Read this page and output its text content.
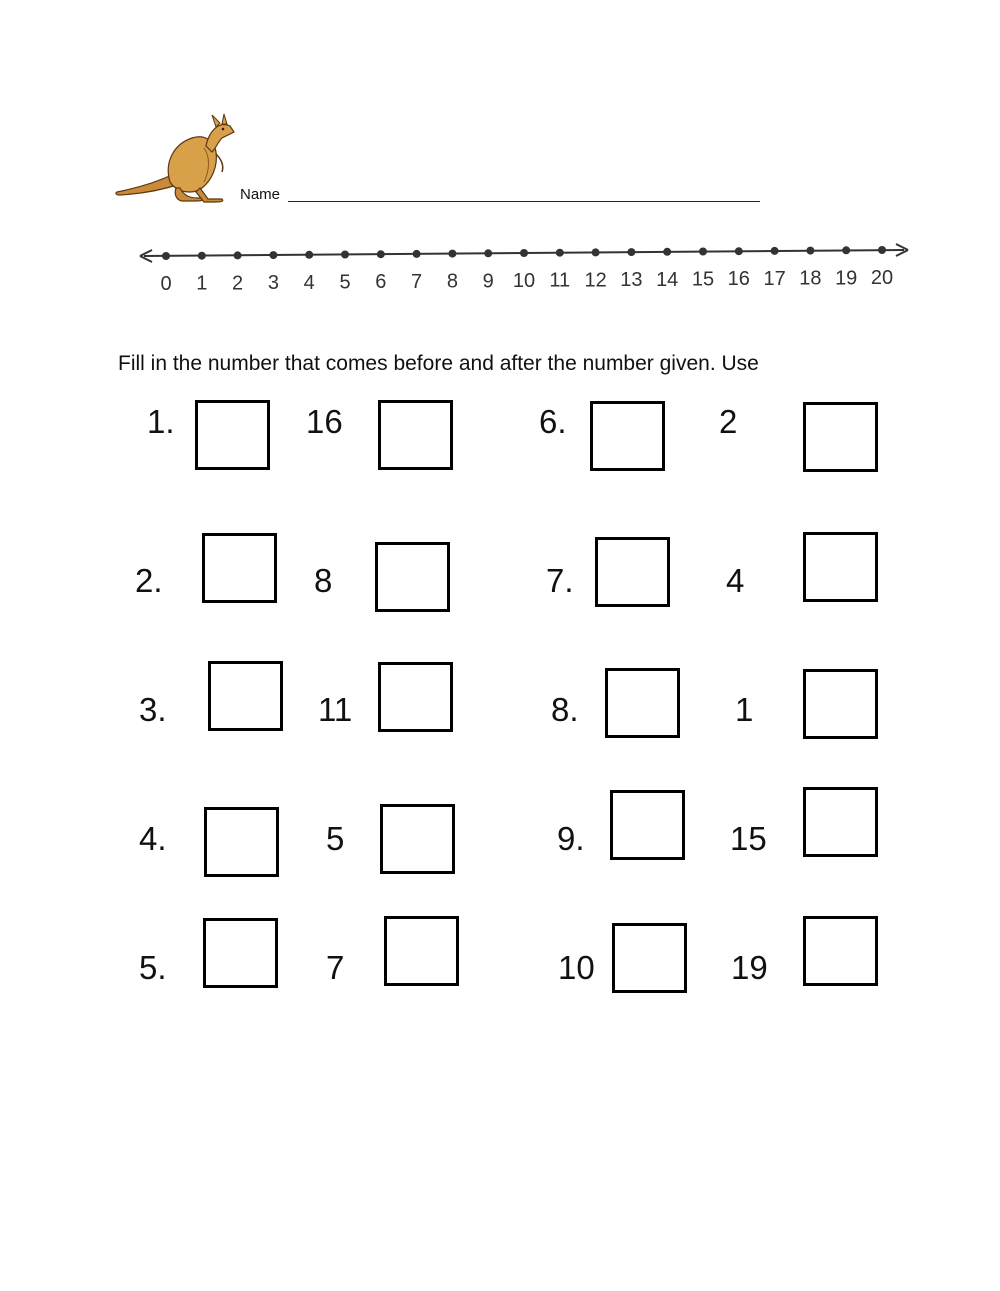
Name
0 1 2 3 4 5 6 7 8 9 10 11 12 13 14 15 16 17 18 19 20
Fill in the number that comes before and after the number given. Use
1.	16
2.	8
3.	11
4.	5
5.	7
6.	2
7.	4
8.	1
9.	15
10	19
